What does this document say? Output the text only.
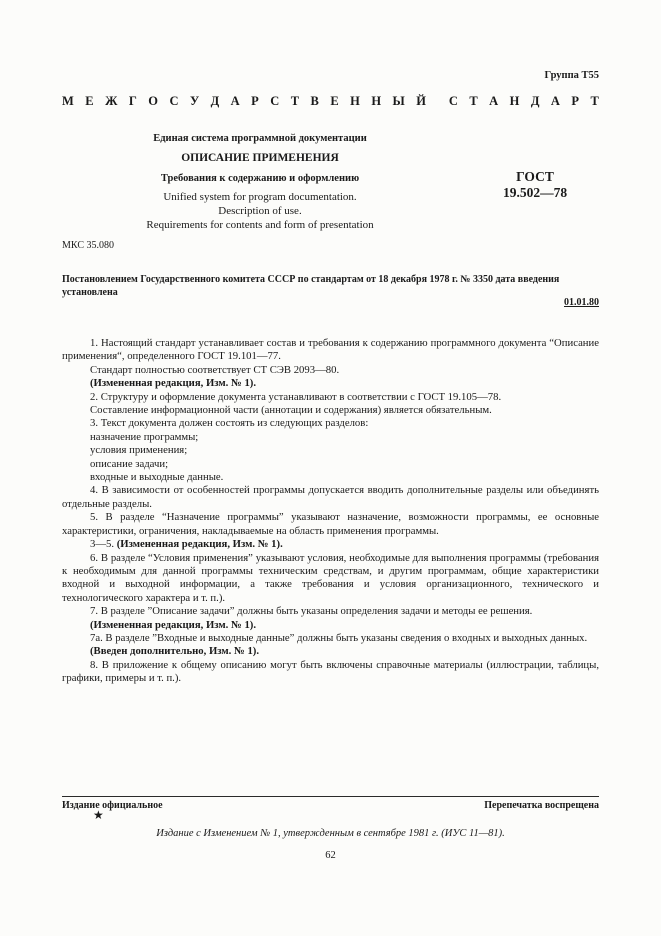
Группа Т55
М Е Ж Г О С У Д А Р С Т В Е Н Н Ы Й С Т А Н Д А Р Т
Единая система программной документации
ОПИСАНИЕ ПРИМЕНЕНИЯ
Требования к содержанию и оформлению
Unified system for program documentation.
Description of use.
Requirements for contents and form of presentation
ГОСТ
19.502—78
МКС 35.080
Постановлением Государственного комитета СССР по стандартам от 18 декабря 1978 г. № 3350 дата введения установлена
01.01.80

1. Настоящий стандарт устанавливает состав и требования к содержанию программного документа “Описание применения“, определенного ГОСТ 19.101—77.

Стандарт полностью соответствует СТ СЭВ 2093—80.

(Измененная редакция, Изм. № 1).

2. Структуру и оформление документа устанавливают в соответствии с ГОСТ 19.105—78.

Составление информационной части (аннотации и содержания) является обязательным.

3. Текст документа должен состоять из следующих разделов:

назначение программы;

условия применения;

описание задачи;

входные и выходные данные.

4. В зависимости от особенностей программы допускается вводить дополнительные разделы или объединять отдельные разделы.

5. В разделе “Назначение программы” указывают назначение, возможности программы, ее основные характеристики, ограничения, накладываемые на область применения программы.

3—5. (Измененная редакция, Изм. № 1).

6. В разделе “Условия применения” указывают условия, необходимые для выполнения программы (требования к необходимым для данной программы техническим средствам, и другим программам, общие характеристики входной и выходной информации, а также требования и условия организационного, технического и технологического характера и т. п.).

7. В разделе ”Описание задачи” должны быть указаны определения задачи и методы ее решения.

(Измененная редакция, Изм. № 1).

7а. В разделе ”Входные и выходные данные” должны быть указаны сведения о входных и выходных данных.

(Введен дополнительно, Изм. № 1).

8. В приложение к общему описанию могут быть включены справочные материалы (иллюстрации, таблицы, графики, примеры и т. п.).

Издание официальное	Перепечатка воспрещена
★
Издание с Изменением № 1, утвержденным в сентябре 1981 г. (ИУС 11—81).
62
